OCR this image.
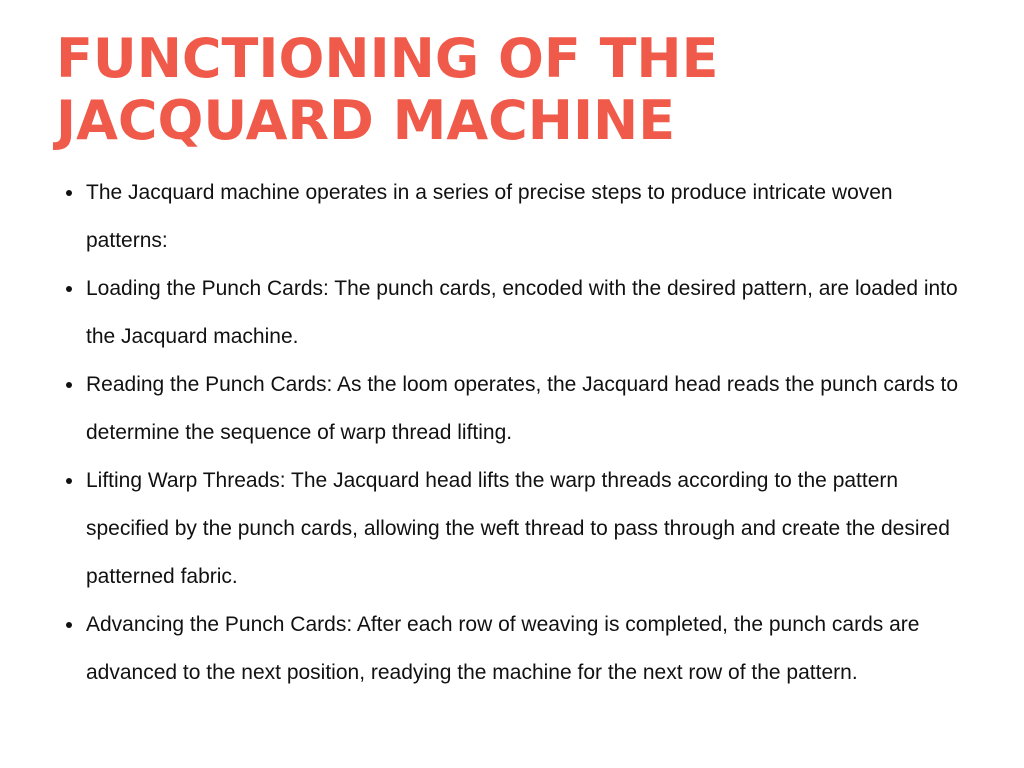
FUNCTIONING OF THE JACQUARD MACHINE
The Jacquard machine operates in a series of precise steps to produce intricate woven patterns:
Loading the Punch Cards: The punch cards, encoded with the desired pattern, are loaded into the Jacquard machine.
Reading the Punch Cards: As the loom operates, the Jacquard head reads the punch cards to determine the sequence of warp thread lifting.
Lifting Warp Threads: The Jacquard head lifts the warp threads according to the pattern specified by the punch cards, allowing the weft thread to pass through and create the desired patterned fabric.
Advancing the Punch Cards: After each row of weaving is completed, the punch cards are advanced to the next position, readying the machine for the next row of the pattern.
